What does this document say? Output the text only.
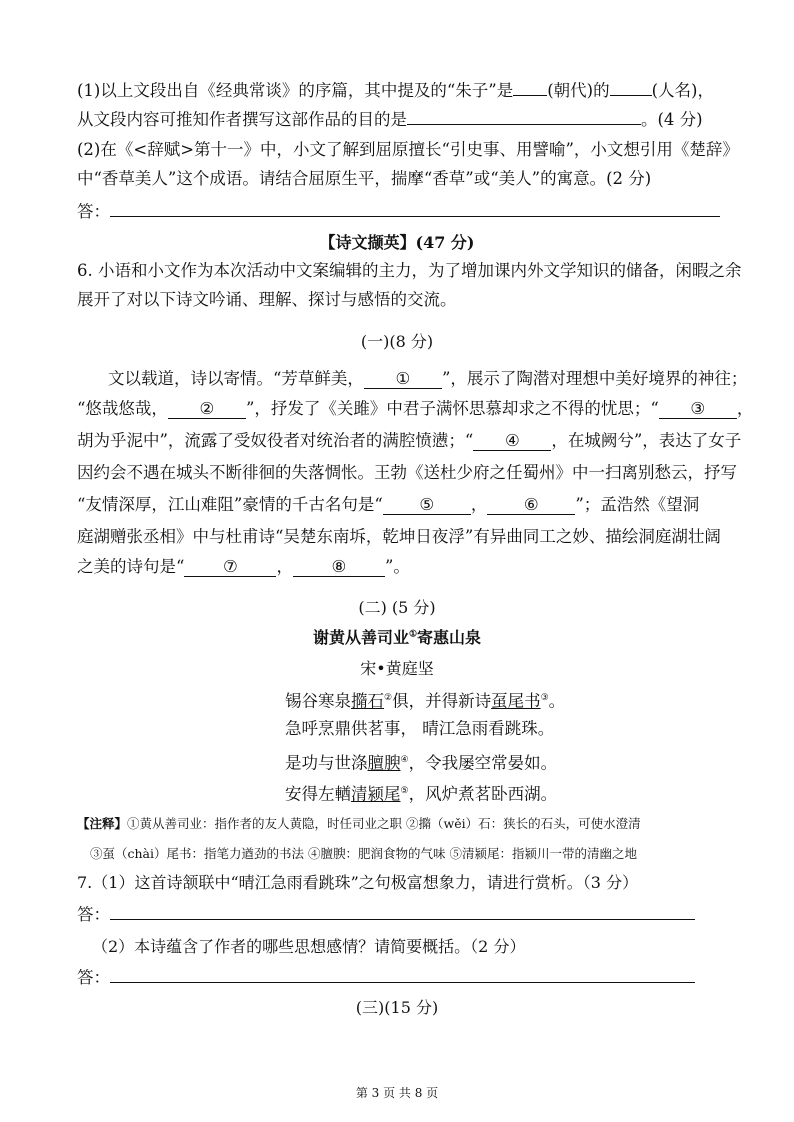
(1)以上文段出自《经典常谈》的序篇，其中提及的“朱子”是 (朝代)的	(人名)，
从文段内容可推知作者撰写这部作品的目的是	。(4 分)
(2)在《<辞赋>第十一》中，小文了解到屈原擅长“引史事、用譬喻”，小文想引用《楚辞》
中“香草美人”这个成语。请结合屈原生平，揣摩“香草”或“美人”的寓意。(2 分)
答：
【诗文撷英】(47 分)
6. 小语和小文作为本次活动中文案编辑的主力，为了增加课内外文学知识的储备，闲暇之余
展开了对以下诗文吟诵、理解、探讨与感悟的交流。
(一)(8 分)
文以载道，诗以寄情。“芳草鲜美， ① ”，展示了陶潜对理想中美好境界的神往；
“悠哉悠哉， ② ”，抒发了《关雎》中君子满怀思慕却求之不得的忧思；“ ③ ，
胡为乎泥中”，流露了受奴役者对统治者的满腔愤懑；“ ④ ，在城阙兮”，表达了女子
因约会不遇在城头不断徘徊的失落惆怅。王勃《送杜少府之任蜀州》中一扫离别愁云，抒写
“友情深厚，江山难阻”豪情的千古名句是“ ⑤ ， ⑥ ”；孟浩然《望洞
庭湖赠张丞相》中与杜甫诗“吴楚东南坼，乾坤日夜浮”有异曲同工之妙、描绘洞庭湖壮阔
之美的诗句是“ ⑦ ， ⑧ ”。
(二) (5 分)
谢黄从善司业①寄惠山泉
宋•黄庭坚
锡谷寒泉撱石②俱，并得新诗虿尾书③。
急呼烹鼎供茗事， 晴江急雨看跳珠。
是功与世涤膻腴④，令我屡空常晏如。
安得左輶清颍尾⑤，风炉煮茗卧西湖。
【注释】①黄从善司业：指作者的友人黄隐，时任司业之职 ②撱（wěi）石：狭长的石头，可使水澄清
③虿（chài）尾书：指笔力遒劲的书法 ④膻腴：肥润食物的气味 ⑤清颍尾：指颍川一带的清幽之地
7.（1）这首诗颔联中“晴江急雨看跳珠”之句极富想象力，请进行赏析。（3 分）
答：
（2）本诗蕴含了作者的哪些思想感情？请简要概括。（2 分）
答：
(三)(15 分)
第 3 页 共 8 页
